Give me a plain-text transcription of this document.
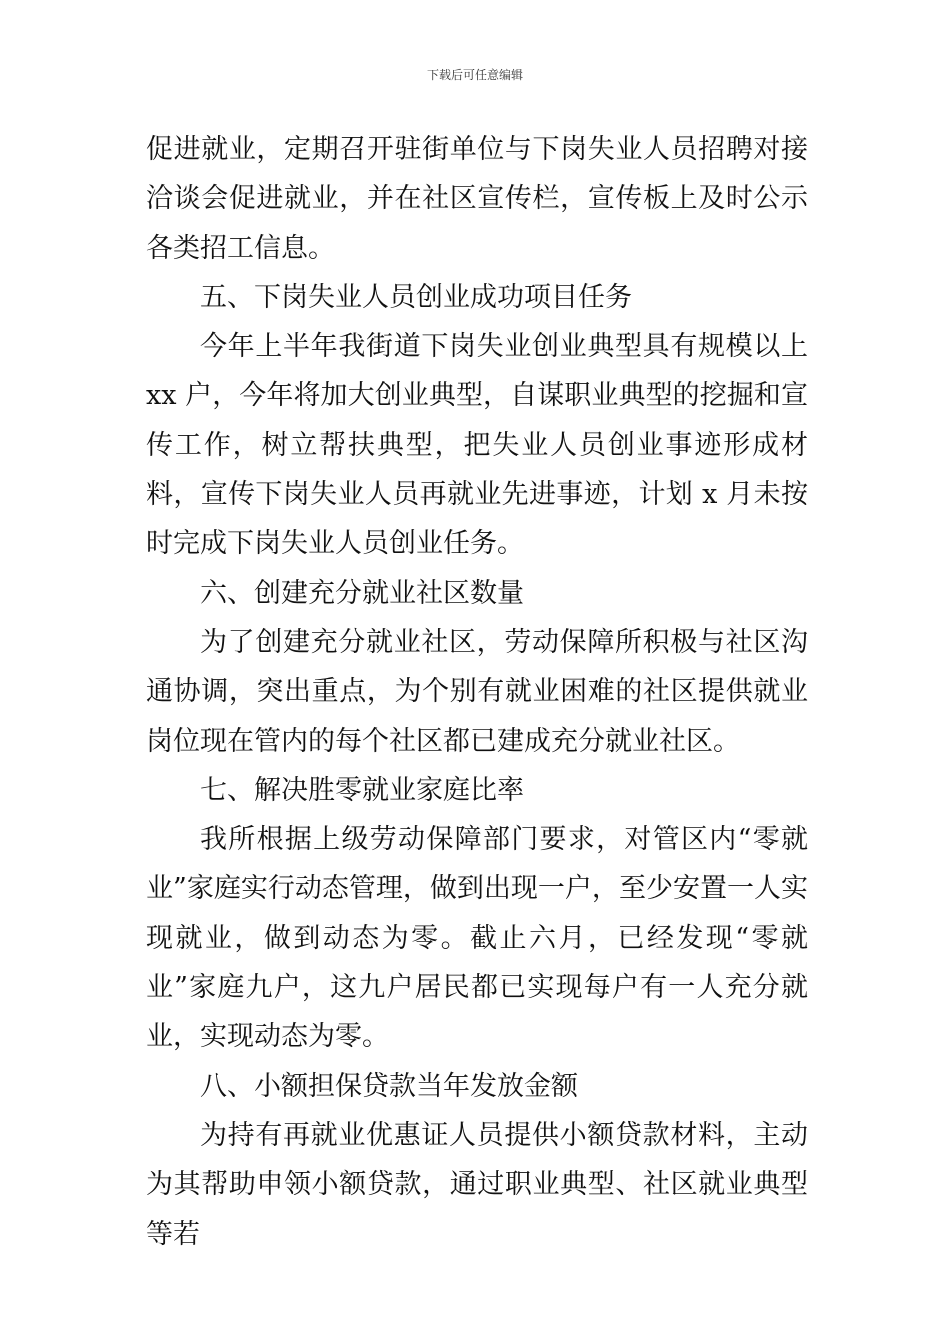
下载后可任意编辑

促进就业，定期召开驻街单位与下岗失业人员招聘对接洽谈会促进就业，并在社区宣传栏，宣传板上及时公示各类招工信息。

五、下岗失业人员创业成功项目任务

今年上半年我街道下岗失业创业典型具有规模以上 xx 户，今年将加大创业典型，自谋职业典型的挖掘和宣传工作，树立帮扶典型，把失业人员创业事迹形成材料，宣传下岗失业人员再就业先进事迹，计划 x 月未按时完成下岗失业人员创业任务。

六、创建充分就业社区数量

为了创建充分就业社区，劳动保障所积极与社区沟通协调，突出重点，为个别有就业困难的社区提供就业岗位现在管内的每个社区都已建成充分就业社区。

七、解决胜零就业家庭比率

我所根据上级劳动保障部门要求，对管区内“零就业”家庭实行动态管理，做到出现一户，至少安置一人实现就业，做到动态为零。截止六月，已经发现“零就业”家庭九户，这九户居民都已实现每户有一人充分就业，实现动态为零。

八、小额担保贷款当年发放金额

为持有再就业优惠证人员提供小额贷款材料，主动为其帮助申领小额贷款，通过职业典型、社区就业典型等若
